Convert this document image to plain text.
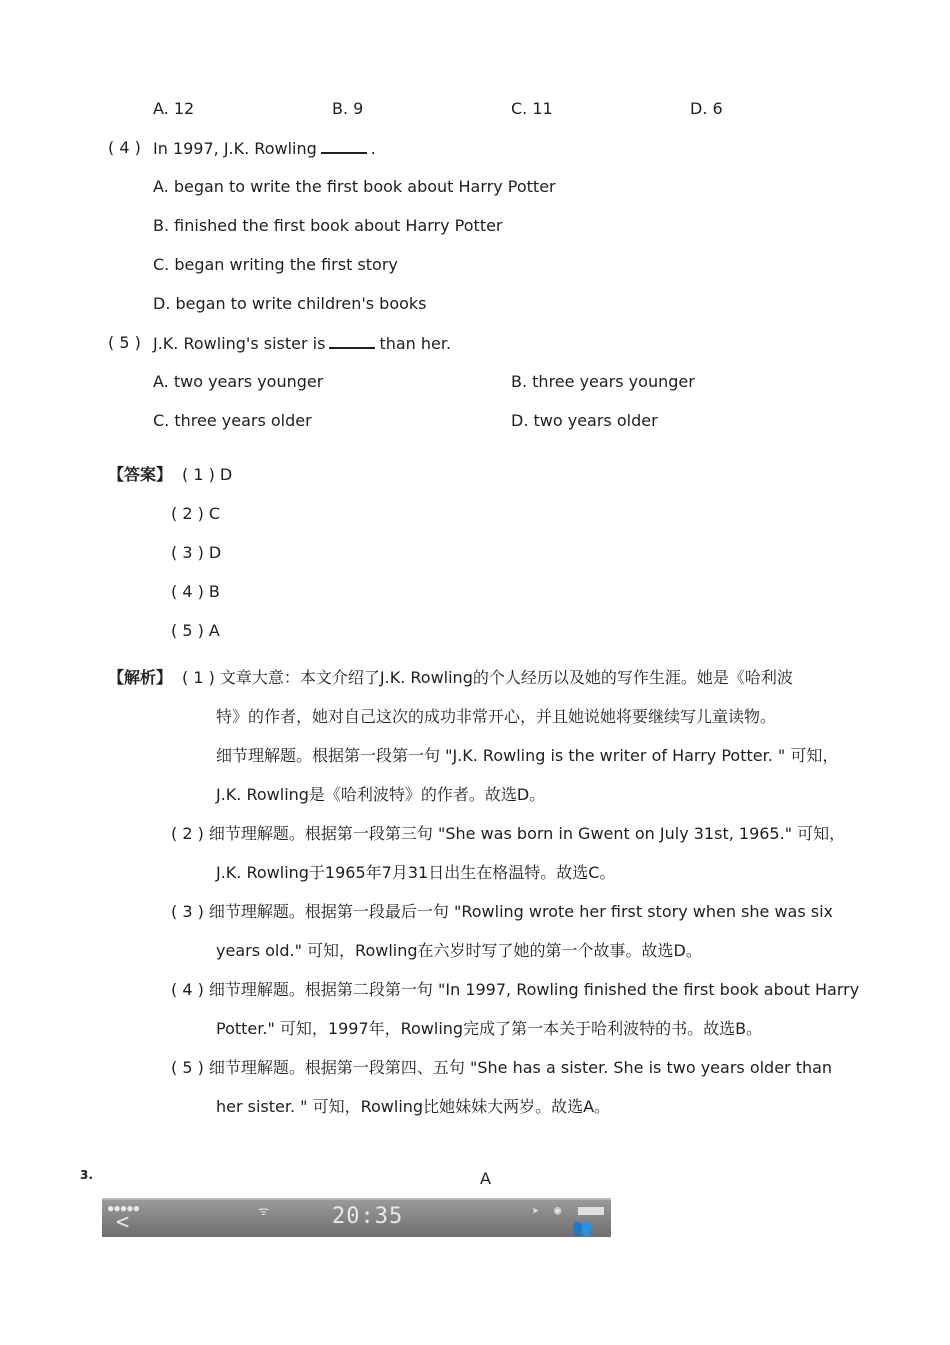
A. 12	B. 9	C. 11	D. 6
( 4 ) In 1997, J.K. Rowling	.
A. began to write the first book about Harry Potter
B. finished the first book about Harry Potter
C. began writing the first story
D. began to write children's books
( 5 ) J.K. Rowling's sister is	than her.
A. two years younger	B. three years younger
C. three years older	D. two years older
【答案】 ( 1 ) D
( 2 ) C
( 3 ) D
( 4 ) B
( 5 ) A
【解析】 ( 1 ) 文章大意：本文介绍了J.K. Rowling的个人经历以及她的写作生涯。她是《哈利波
特》的作者，她对自己这次的成功非常开心，并且她说她将要继续写儿童读物。
细节理解题。根据第一段第一句 "J.K. Rowling is the writer of Harry Potter. " 可知，
J.K. Rowling是《哈利波特》的作者。故选D。
( 2 ) 细节理解题。根据第一段第三句 "She was born in Gwent on July 31st, 1965." 可知，
J.K. Rowling于1965年7月31日出生在格温特。故选C。
( 3 ) 细节理解题。根据第一段最后一句 "Rowling wrote her first story when she was six
years old." 可知，Rowling在六岁时写了她的第一个故事。故选D。
( 4 ) 细节理解题。根据第二段第一句 "In 1997, Rowling finished the first book about Harry
Potter." 可知，1997年，Rowling完成了第一本关于哈利波特的书。故选B。
( 5 ) 细节理解题。根据第一段第四、五句 "She has a sister. She is two years older than
her sister. " 可知，Rowling比她妹妹大两岁。故选A。
3.	A
●●●●●
<	ᯤ	20:35	➤ ◉
👥
